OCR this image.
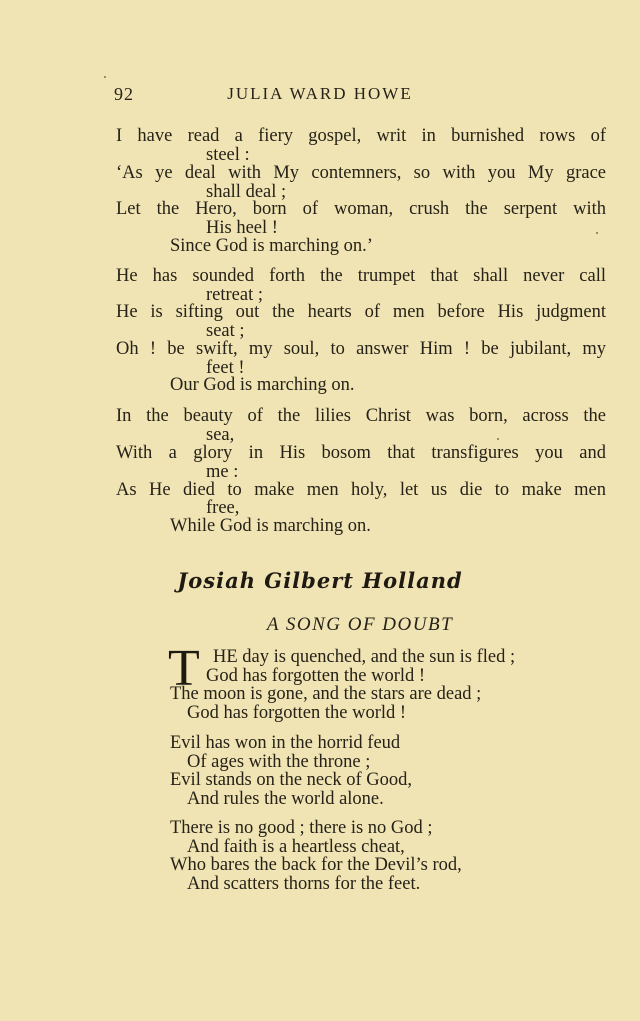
92	JULIA WARD HOWE
I have read a fiery gospel, writ in burnished rows of
steel :
‘As ye deal with My contemners, so with you My grace
shall deal ;
Let the Hero, born of woman, crush the serpent with
His heel !
Since God is marching on.’
He has sounded forth the trumpet that shall never call
retreat ;
He is sifting out the hearts of men before His judgment
seat ;
Oh ! be swift, my soul, to answer Him ! be jubilant, my
feet !
Our God is marching on.
In the beauty of the lilies Christ was born, across the
sea,
With a glory in His bosom that transfigures you and
me :
As He died to make men holy, let us die to make men
free,
While God is marching on.
Josiah Gilbert Holland
A SONG OF DOUBT
T HE day is quenched, and the sun is fled ;
God has forgotten the world !
The moon is gone, and the stars are dead ;
God has forgotten the world !
Evil has won in the horrid feud
Of ages with the throne ;
Evil stands on the neck of Good,
And rules the world alone.
There is no good ; there is no God ;
And faith is a heartless cheat,
Who bares the back for the Devil’s rod,
And scatters thorns for the feet.
